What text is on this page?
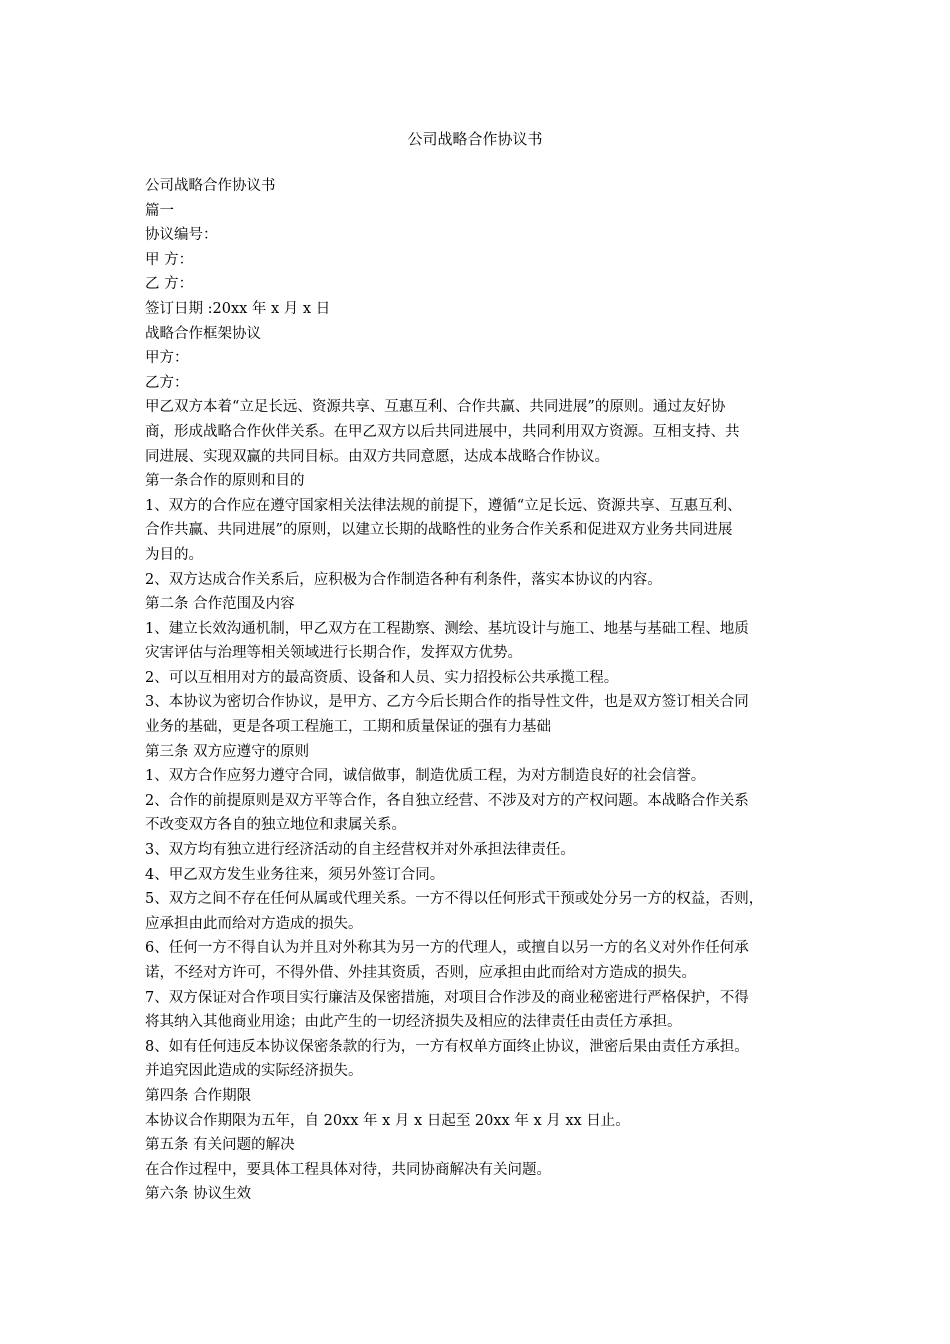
公司战略合作协议书

公司战略合作协议书

篇一

协议编号：

甲 方：

乙 方：

签订日期 :20xx 年 x 月 x 日

战略合作框架协议

甲方：

乙方：

甲乙双方本着“立足长远、资源共享、互惠互利、合作共赢、共同进展”的原则。通过友好协

商，形成战略合作伙伴关系。在甲乙双方以后共同进展中，共同利用双方资源。互相支持、共

同进展、实现双赢的共同目标。由双方共同意愿，达成本战略合作协议。

第一条合作的原则和目的

1、双方的合作应在遵守国家相关法律法规的前提下，遵循“立足长远、资源共享、互惠互利、

合作共赢、共同进展”的原则，以建立长期的战略性的业务合作关系和促进双方业务共同进展

为目的。

2、双方达成合作关系后，应积极为合作制造各种有利条件，落实本协议的内容。

第二条 合作范围及内容

1、建立长效沟通机制，甲乙双方在工程勘察、测绘、基坑设计与施工、地基与基础工程、地质

灾害评估与治理等相关领域进行长期合作，发挥双方优势。

2、可以互相用对方的最高资质、设备和人员、实力招投标公共承揽工程。

3、本协议为密切合作协议，是甲方、乙方今后长期合作的指导性文件，也是双方签订相关合同

业务的基础，更是各项工程施工，工期和质量保证的强有力基础

第三条 双方应遵守的原则

1、双方合作应努力遵守合同，诚信做事，制造优质工程，为对方制造良好的社会信誉。

2、合作的前提原则是双方平等合作，各自独立经营、不涉及对方的产权问题。本战略合作关系

不改变双方各自的独立地位和隶属关系。

3、双方均有独立进行经济活动的自主经营权并对外承担法律责任。

4、甲乙双方发生业务往来，须另外签订合同。

5、双方之间不存在任何从属或代理关系。一方不得以任何形式干预或处分另一方的权益，否则，

应承担由此而给对方造成的损失。

6、任何一方不得自认为并且对外称其为另一方的代理人，或擅自以另一方的名义对外作任何承

诺，不经对方许可，不得外借、外挂其资质，否则，应承担由此而给对方造成的损失。

7、双方保证对合作项目实行廉洁及保密措施，对项目合作涉及的商业秘密进行严格保护，不得

将其纳入其他商业用途；由此产生的一切经济损失及相应的法律责任由责任方承担。

8、如有任何违反本协议保密条款的行为，一方有权单方面终止协议，泄密后果由责任方承担。

并追究因此造成的实际经济损失。

第四条 合作期限

本协议合作期限为五年，自 20xx 年 x 月 x 日起至 20xx 年 x 月 xx 日止。

第五条 有关问题的解决

在合作过程中，要具体工程具体对待，共同协商解决有关问题。

第六条 协议生效
